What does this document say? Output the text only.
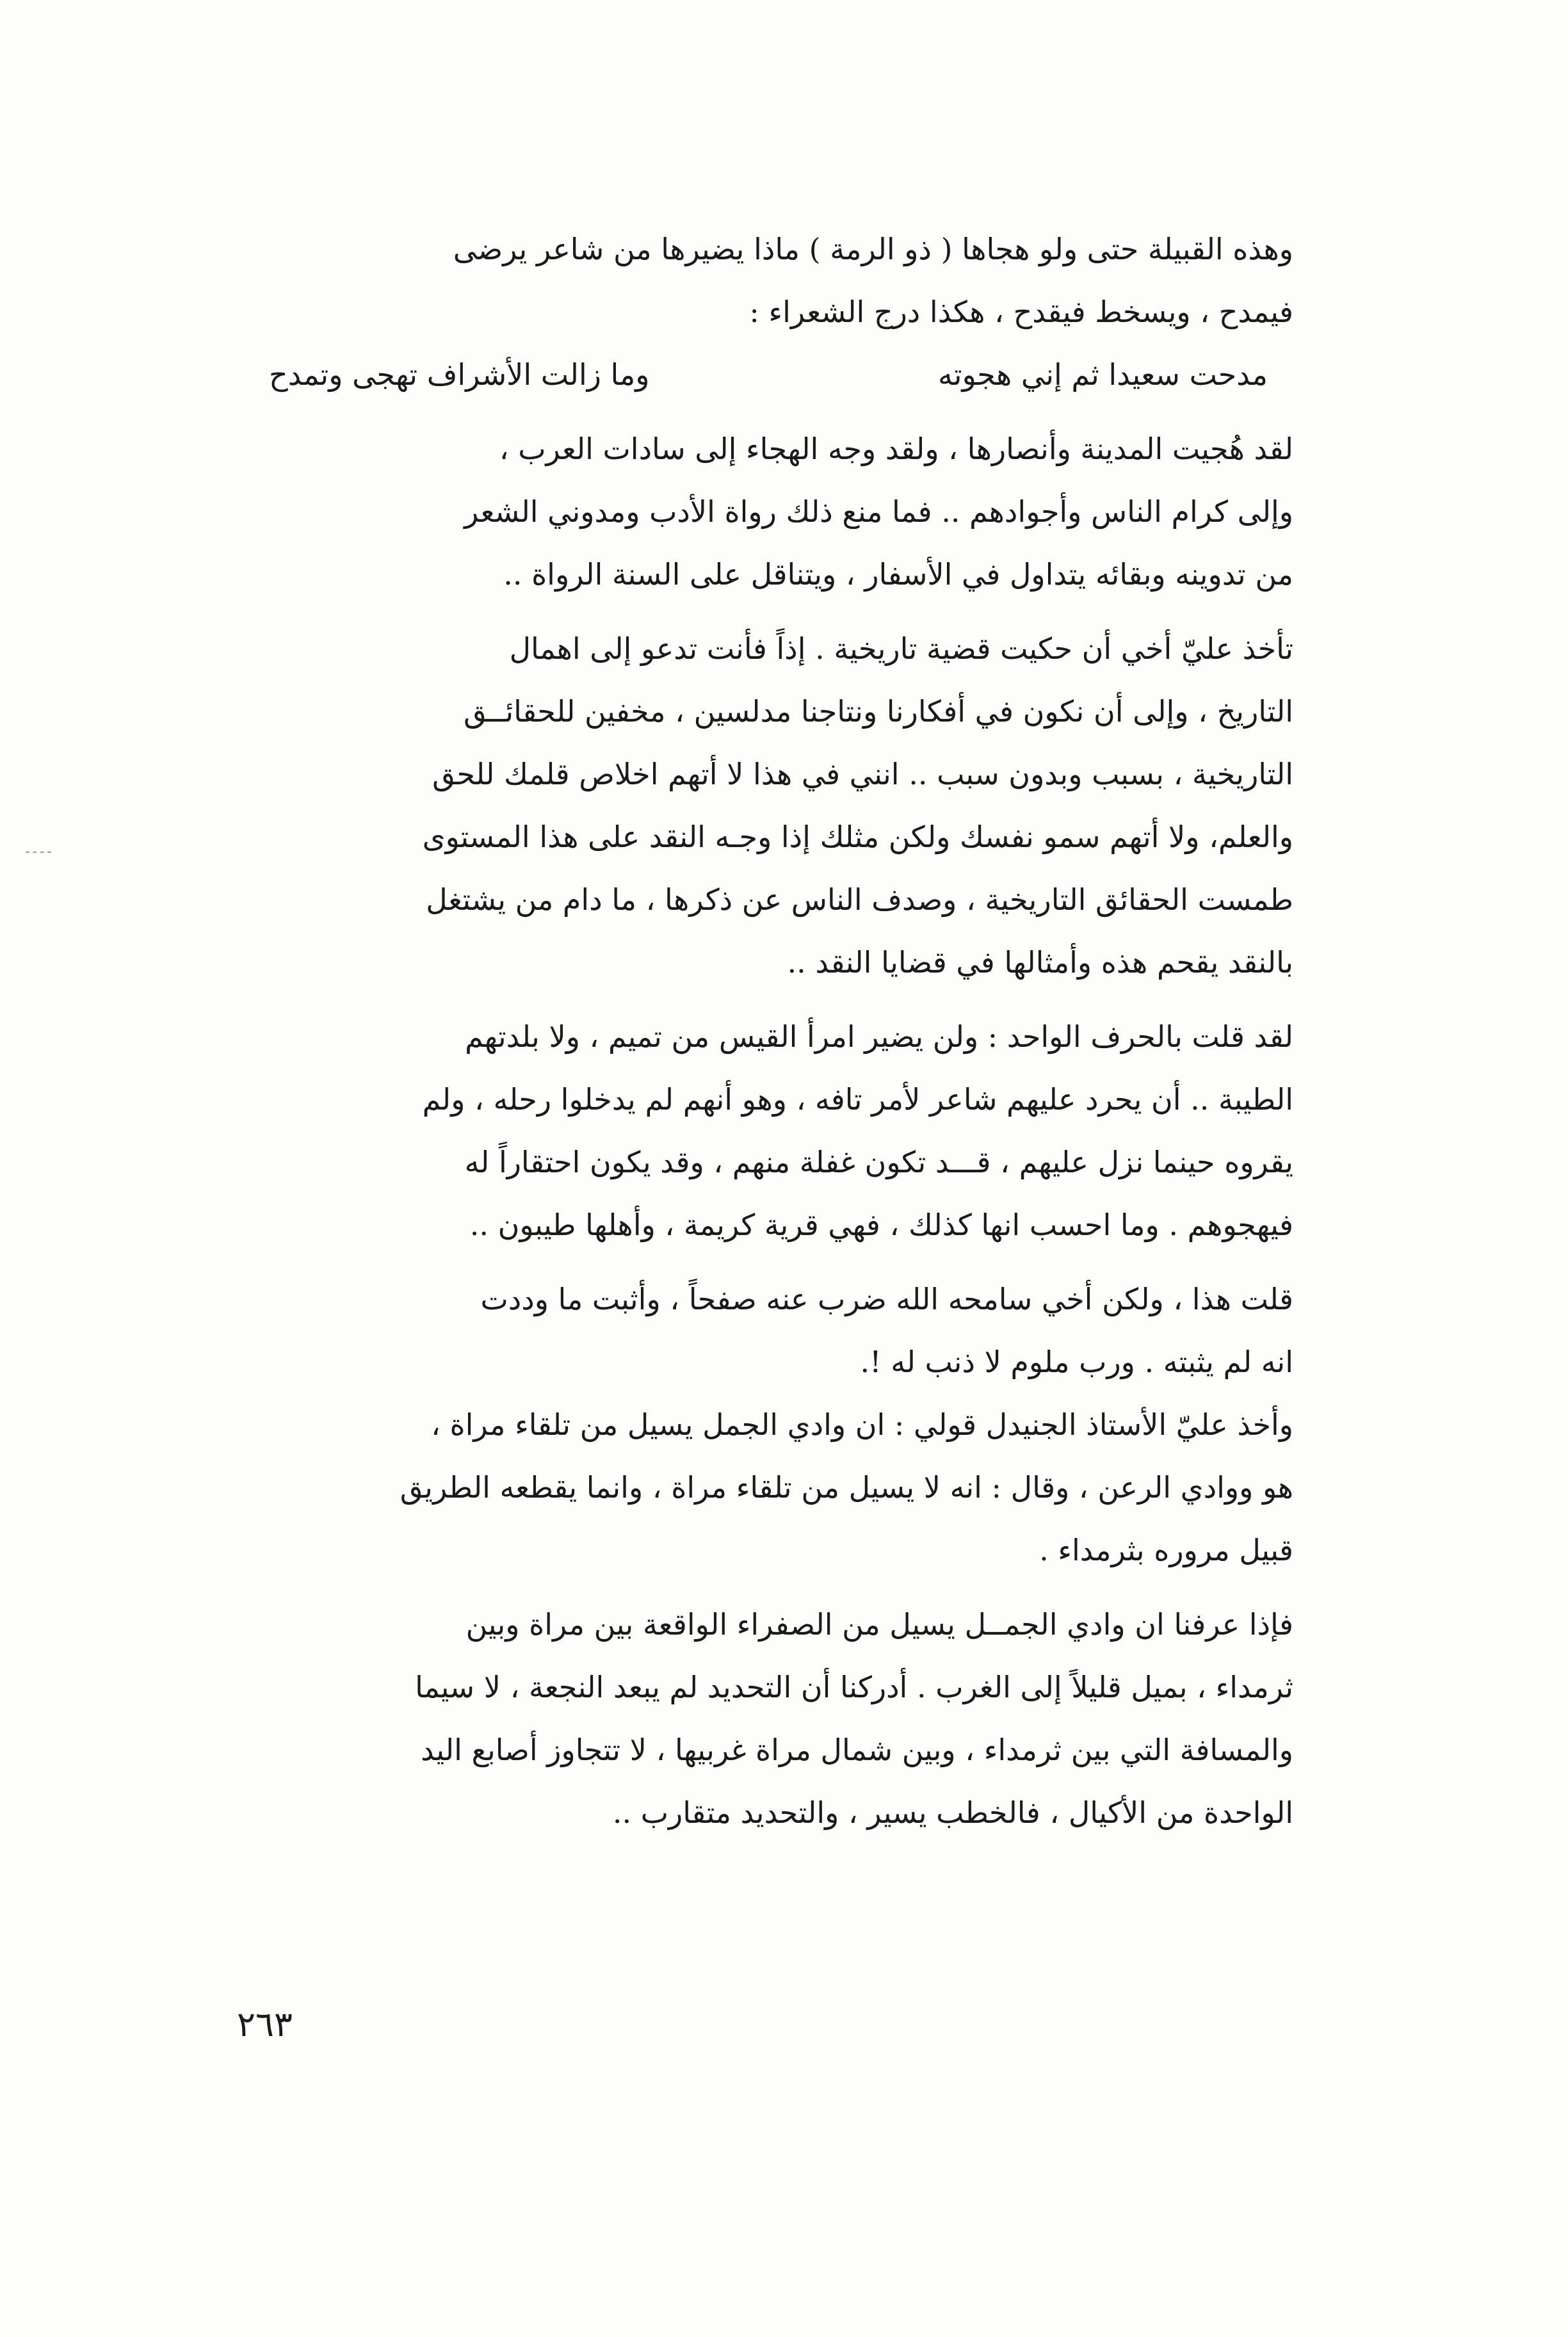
وهذه القبيلة حتى ولو هجاها ( ذو الرمة ) ماذا يضيرها من شاعر يرضى
فيمدح ، ويسخط فيقدح ، هكذا درج الشعراء :
مدحت سعيدا ثم إني هجوته
وما زالت الأشراف تهجى وتمدح
لقد هُجيت المدينة وأنصارها ، ولقد وجه الهجاء إلى سادات العرب ،
وإلى كرام الناس وأجوادهم .. فما منع ذلك رواة الأدب ومدوني الشعر
من تدوينه وبقائه يتداول في الأسفار ، ويتناقل على السنة الرواة ..
تأخذ عليّ أخي أن حكيت قضية تاريخية . إذاً فأنت تدعو إلى اهمال
التاريخ ، وإلى أن نكون في أفكارنا ونتاجنا مدلسين ، مخفين للحقائــق
التاريخية ، بسبب وبدون سبب .. انني في هذا لا أتهم اخلاص قلمك للحق
والعلم، ولا أتهم سمو نفسك ولكن مثلك إذا وجـه النقد على هذا المستوى
طمست الحقائق التاريخية ، وصدف الناس عن ذكرها ، ما دام من يشتغل
بالنقد يقحم هذه وأمثالها في قضايا النقد ..
لقد قلت بالحرف الواحد : ولن يضير امرأ القيس من تميم ، ولا بلدتهم
الطيبة .. أن يحرد عليهم شاعر لأمر تافه ، وهو أنهم لم يدخلوا رحله ، ولم
يقروه حينما نزل عليهم ، قـــد تكون غفلة منهم ، وقد يكون احتقاراً له
فيهجوهم . وما احسب انها كذلك ، فهي قرية كريمة ، وأهلها طيبون ..
قلت هذا ، ولكن أخي سامحه الله ضرب عنه صفحاً ، وأثبت ما وددت
انه لم يثبته . ورب ملوم لا ذنب له !.
وأخذ عليّ الأستاذ الجنيدل قولي : ان وادي الجمل يسيل من تلقاء مراة ،
هو ووادي الرعن ، وقال : انه لا يسيل من تلقاء مراة ، وانما يقطعه الطريق
قبيل مروره بثرمداء .
فإذا عرفنا ان وادي الجمــل يسيل من الصفراء الواقعة بين مراة وبين
ثرمداء ، بميل قليلاً إلى الغرب . أدركنا أن التحديد لم يبعد النجعة ، لا سيما
والمسافة التي بين ثرمداء ، وبين شمال مراة غربيها ، لا تتجاوز أصابع اليد
الواحدة من الأكيال ، فالخطب يسير ، والتحديد متقارب ..
٢٦٣
